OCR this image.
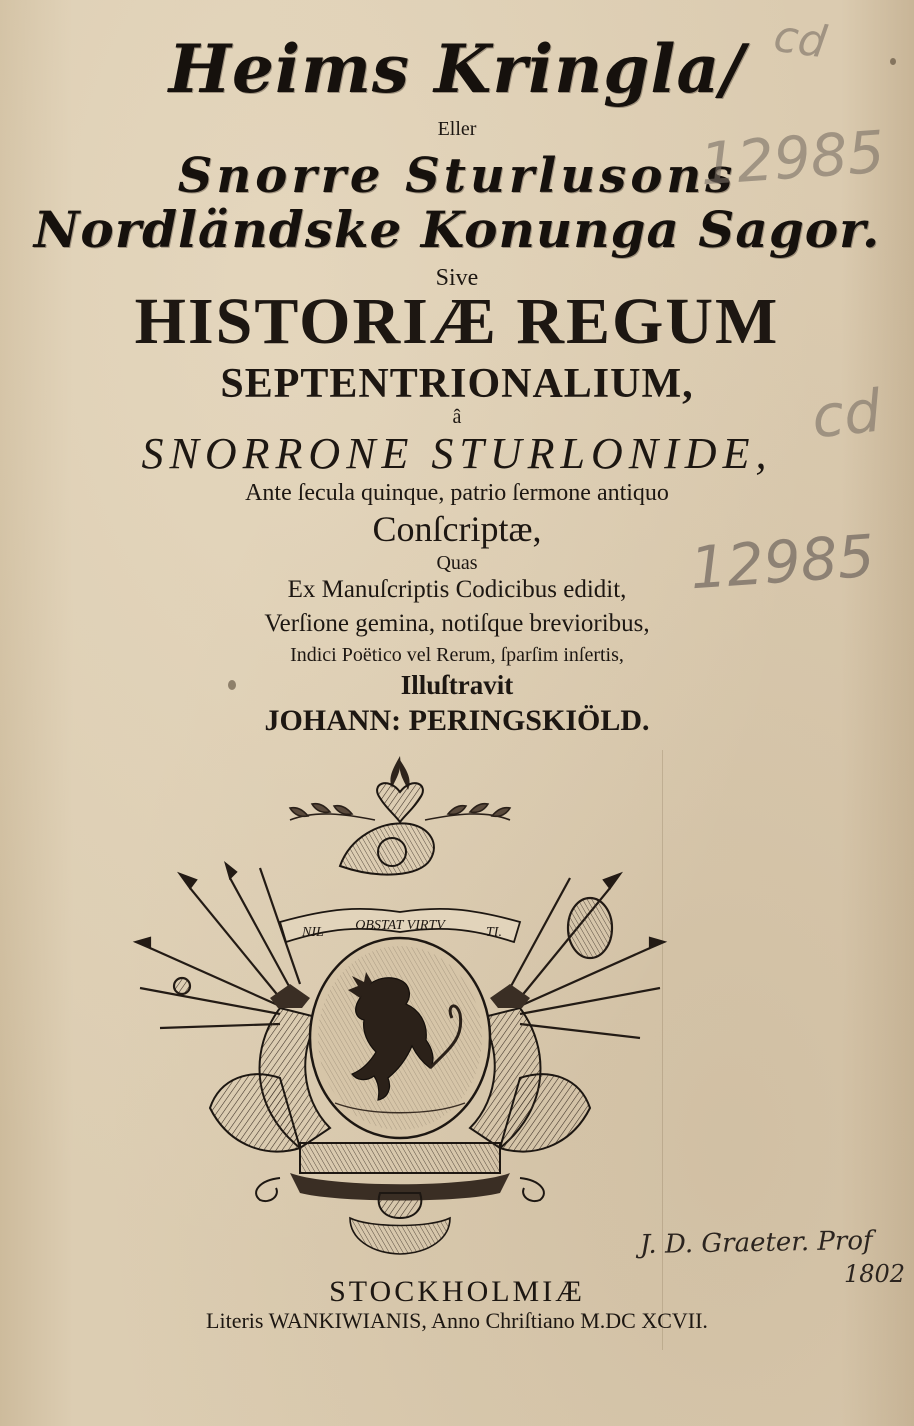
Heims Kringla/
Eller
Snorre Sturlusons
Nordländske Konunga Sagor.
Sive
HISTORIÆ REGUM
SEPTENTRIONALIUM,
â
SNORRONE STURLONIDE,
Ante ſecula quinque, patrio ſermone antiquo
Conſcriptæ,
Quas
Ex Manuſcriptis Codicibus edidit,
Verſione gemina, notiſque brevioribus,
Indici Poëtico vel Rerum, ſparſim inſertis,
Illuſtravit
JOHANN: PERINGSKIÖLD.
NIL OBSTAT VIRTV	TI.
STOCKHOLMIÆ
Literis WANKIWIANIS, Anno Chriſtiano M.DC XCVII.
cd
12985
cd
12985
J. D. Graeter. Prof
1802
